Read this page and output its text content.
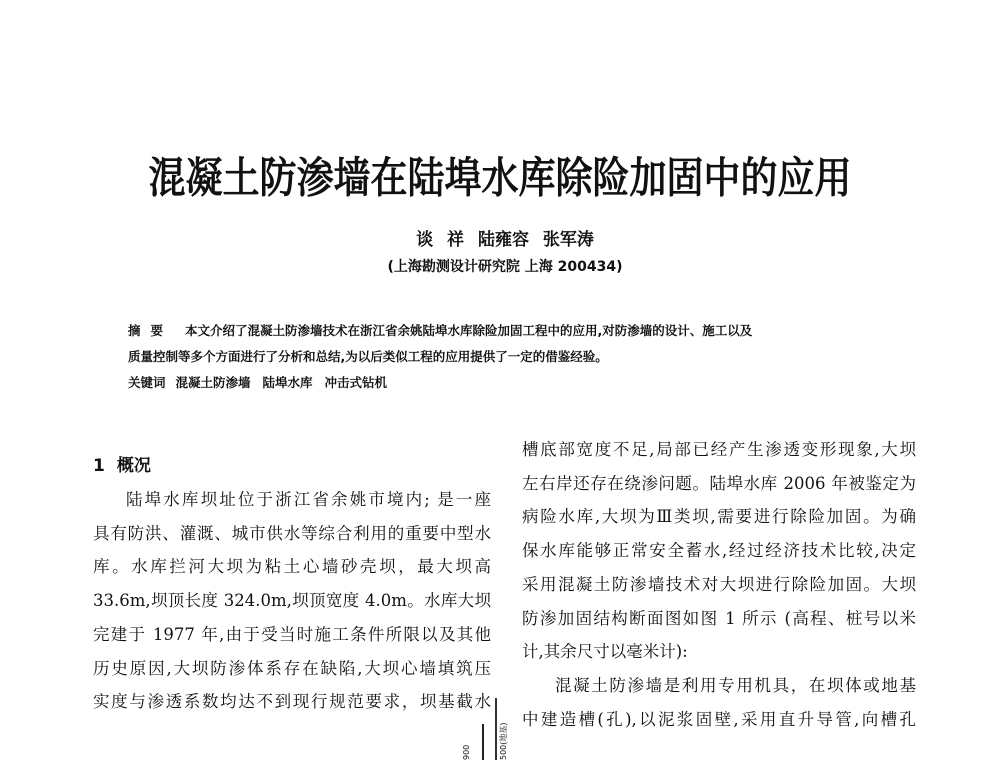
混凝土防渗墙在陆埠水库除险加固中的应用
谈 祥 陆雍容 张军涛
(上海勘测设计研究院 上海 200434)
摘要 本文介绍了混凝土防渗墙技术在浙江省余姚陆埠水库除险加固工程中的应用,对防渗墙的设计、施工以及
质量控制等多个方面进行了分析和总结,为以后类似工程的应用提供了一定的借鉴经验。
关键词 混凝土防渗墙 陆埠水库 冲击式钻机
1 概况
陆埠水库坝址位于浙江省余姚市境内; 是一座
具有防洪、灌溉、城市供水等综合利用的重要中型水
库。水库拦河大坝为粘土心墙砂壳坝，最大坝高
33.6m,坝顶长度 324.0m,坝顶宽度 4.0m。水库大坝
完建于 1977 年,由于受当时施工条件所限以及其他
历史原因,大坝防渗体系存在缺陷,大坝心墙填筑压
实度与渗透系数均达不到现行规范要求，坝基截水
槽底部宽度不足,局部已经产生渗透变形现象,大坝
左右岸还存在绕渗问题。陆埠水库 2006 年被鉴定为
病险水库,大坝为Ⅲ类坝,需要进行除险加固。为确
保水库能够正常安全蓄水,经过经济技术比较,决定
采用混凝土防渗墙技术对大坝进行除险加固。大坝
防渗加固结构断面图如图 1 所示 (高程、桩号以米
计,其余尺寸以毫米计):
混凝土防渗墙是利用专用机具，在坝体或地基
中建造槽(孔),以泥浆固壁,采用直升导管,向槽孔
900	500(地基)
